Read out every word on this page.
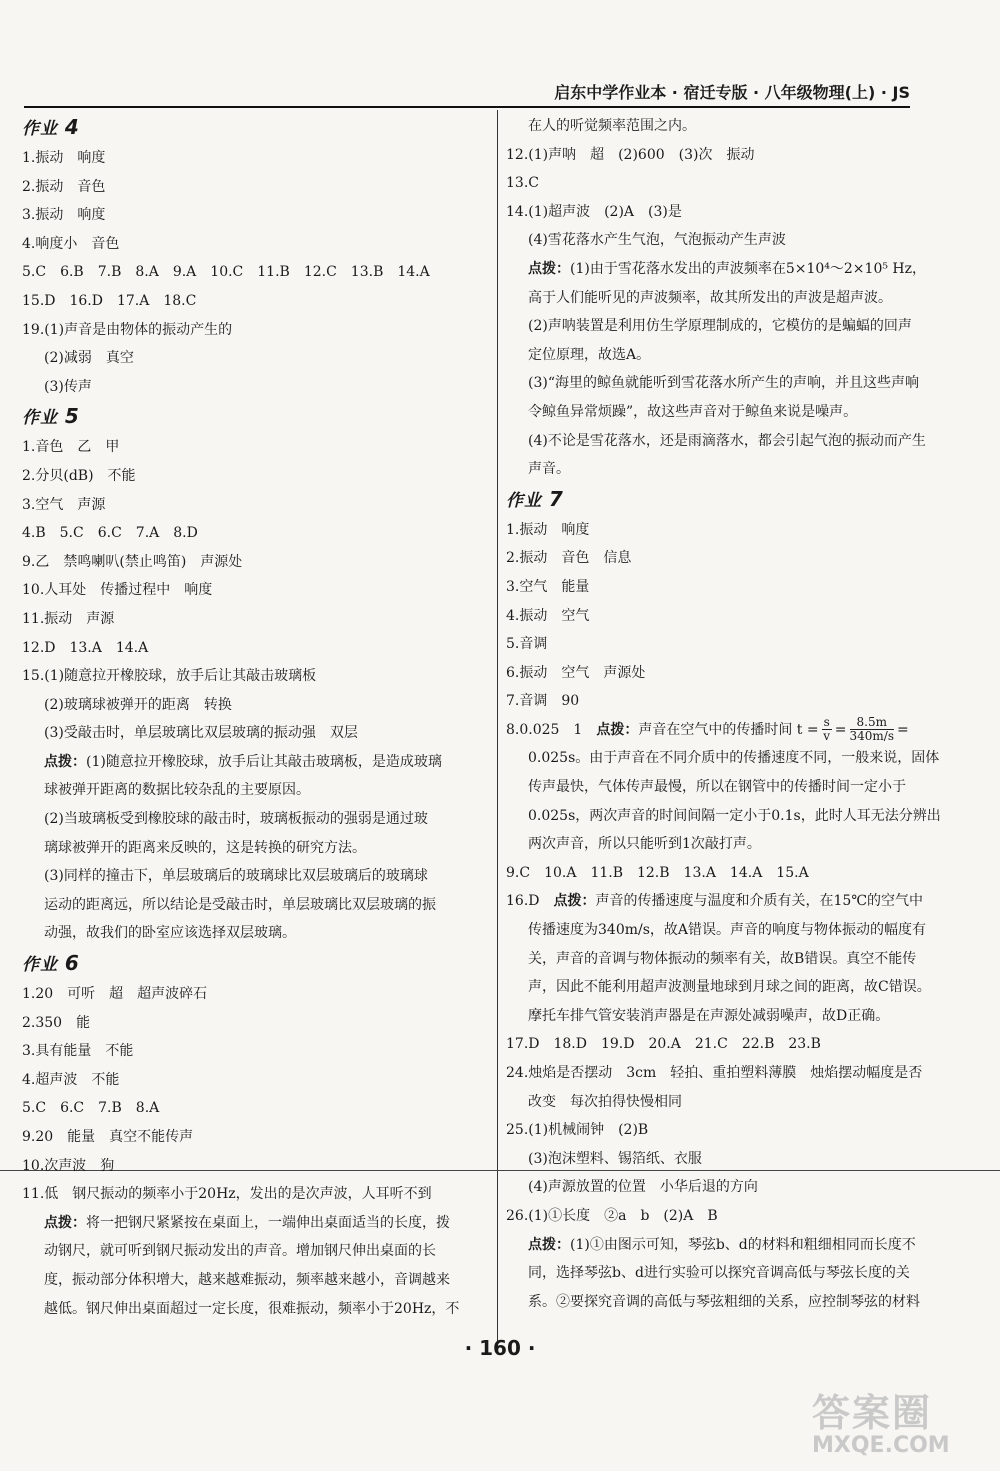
启东中学作业本 · 宿迁专版 · 八年级物理(上) · JS
作业 4
1.振动　响度
2.振动　音色
3.振动　响度
4.响度小　音色
5.C　6.B　7.B　8.A　9.A　10.C　11.B　12.C　13.B　14.A
15.D　16.D　17.A　18.C
19.(1)声音是由物体的振动产生的
(2)减弱　真空
(3)传声
作业 5
1.音色　乙　甲
2.分贝(dB)　不能
3.空气　声源
4.B　5.C　6.C　7.A　8.D
9.乙　禁鸣喇叭(禁止鸣笛)　声源处
10.人耳处　传播过程中　响度
11.振动　声源
12.D　13.A　14.A
15.(1)随意拉开橡胶球，放手后让其敲击玻璃板
(2)玻璃球被弹开的距离　转换
(3)受敲击时，单层玻璃比双层玻璃的振动强　双层
点拨：(1)随意拉开橡胶球，放手后让其敲击玻璃板，是造成玻璃
球被弹开距离的数据比较杂乱的主要原因。
(2)当玻璃板受到橡胶球的敲击时，玻璃板振动的强弱是通过玻
璃球被弹开的距离来反映的，这是转换的研究方法。
(3)同样的撞击下，单层玻璃后的玻璃球比双层玻璃后的玻璃球
运动的距离远，所以结论是受敲击时，单层玻璃比双层玻璃的振
动强，故我们的卧室应该选择双层玻璃。
作业 6
1.20　可听　超　超声波碎石
2.350　能
3.具有能量　不能
4.超声波　不能
5.C　6.C　7.B　8.A
9.20　能量　真空不能传声
10.次声波　狗
11.低　钢尺振动的频率小于20Hz，发出的是次声波，人耳听不到
点拨：将一把钢尺紧紧按在桌面上，一端伸出桌面适当的长度，拨
动钢尺，就可听到钢尺振动发出的声音。增加钢尺伸出桌面的长
度，振动部分体积增大，越来越难振动，频率越来越小，音调越来
越低。钢尺伸出桌面超过一定长度，很难振动，频率小于20Hz，不
在人的听觉频率范围之内。
12.(1)声呐　超　(2)600　(3)次　振动
13.C
14.(1)超声波　(2)A　(3)是
(4)雪花落水产生气泡，气泡振动产生声波
点拨：(1)由于雪花落水发出的声波频率在5×10⁴～2×10⁵ Hz，
高于人们能听见的声波频率，故其所发出的声波是超声波。
(2)声呐装置是利用仿生学原理制成的，它模仿的是蝙蝠的回声
定位原理，故选A。
(3)“海里的鲸鱼就能听到雪花落水所产生的声响，并且这些声响
令鲸鱼异常烦躁”，故这些声音对于鲸鱼来说是噪声。
(4)不论是雪花落水，还是雨滴落水，都会引起气泡的振动而产生
声音。
作业 7
1.振动　响度
2.振动　音色　信息
3.空气　能量
4.振动　空气
5.音调
6.振动　空气　声源处
7.音调　90
8.0.025　1　点拨：声音在空气中的传播时间 $t = \frac{s}{v} = \frac{8.5m}{340m/s}$ =
0.025s。由于声音在不同介质中的传播速度不同，一般来说，固体
传声最快，气体传声最慢，所以在钢管中的传播时间一定小于
0.025s，两次声音的时间间隔一定小于0.1s，此时人耳无法分辨出
两次声音，所以只能听到1次敲打声。
9.C　10.A　11.B　12.B　13.A　14.A　15.A
16.D　点拨：声音的传播速度与温度和介质有关，在15℃的空气中
传播速度为340m/s，故A错误。声音的响度与物体振动的幅度有
关，声音的音调与物体振动的频率有关，故B错误。真空不能传
声，因此不能利用超声波测量地球到月球之间的距离，故C错误。
摩托车排气管安装消声器是在声源处减弱噪声，故D正确。
17.D　18.D　19.D　20.A　21.C　22.B　23.B
24.烛焰是否摆动　3cm　轻拍、重拍塑料薄膜　烛焰摆动幅度是否
改变　每次拍得快慢相同
25.(1)机械闹钟　(2)B
(3)泡沫塑料、锡箔纸、衣服
(4)声源放置的位置　小华后退的方向
26.(1)①长度　②a　b　(2)A　B
点拨：(1)①由图示可知，琴弦b、d的材料和粗细相同而长度不
同，选择琴弦b、d进行实验可以探究音调高低与琴弦长度的关
系。②要探究音调的高低与琴弦粗细的关系，应控制琴弦的材料
· 160 ·
答案圈
MXQE.COM
